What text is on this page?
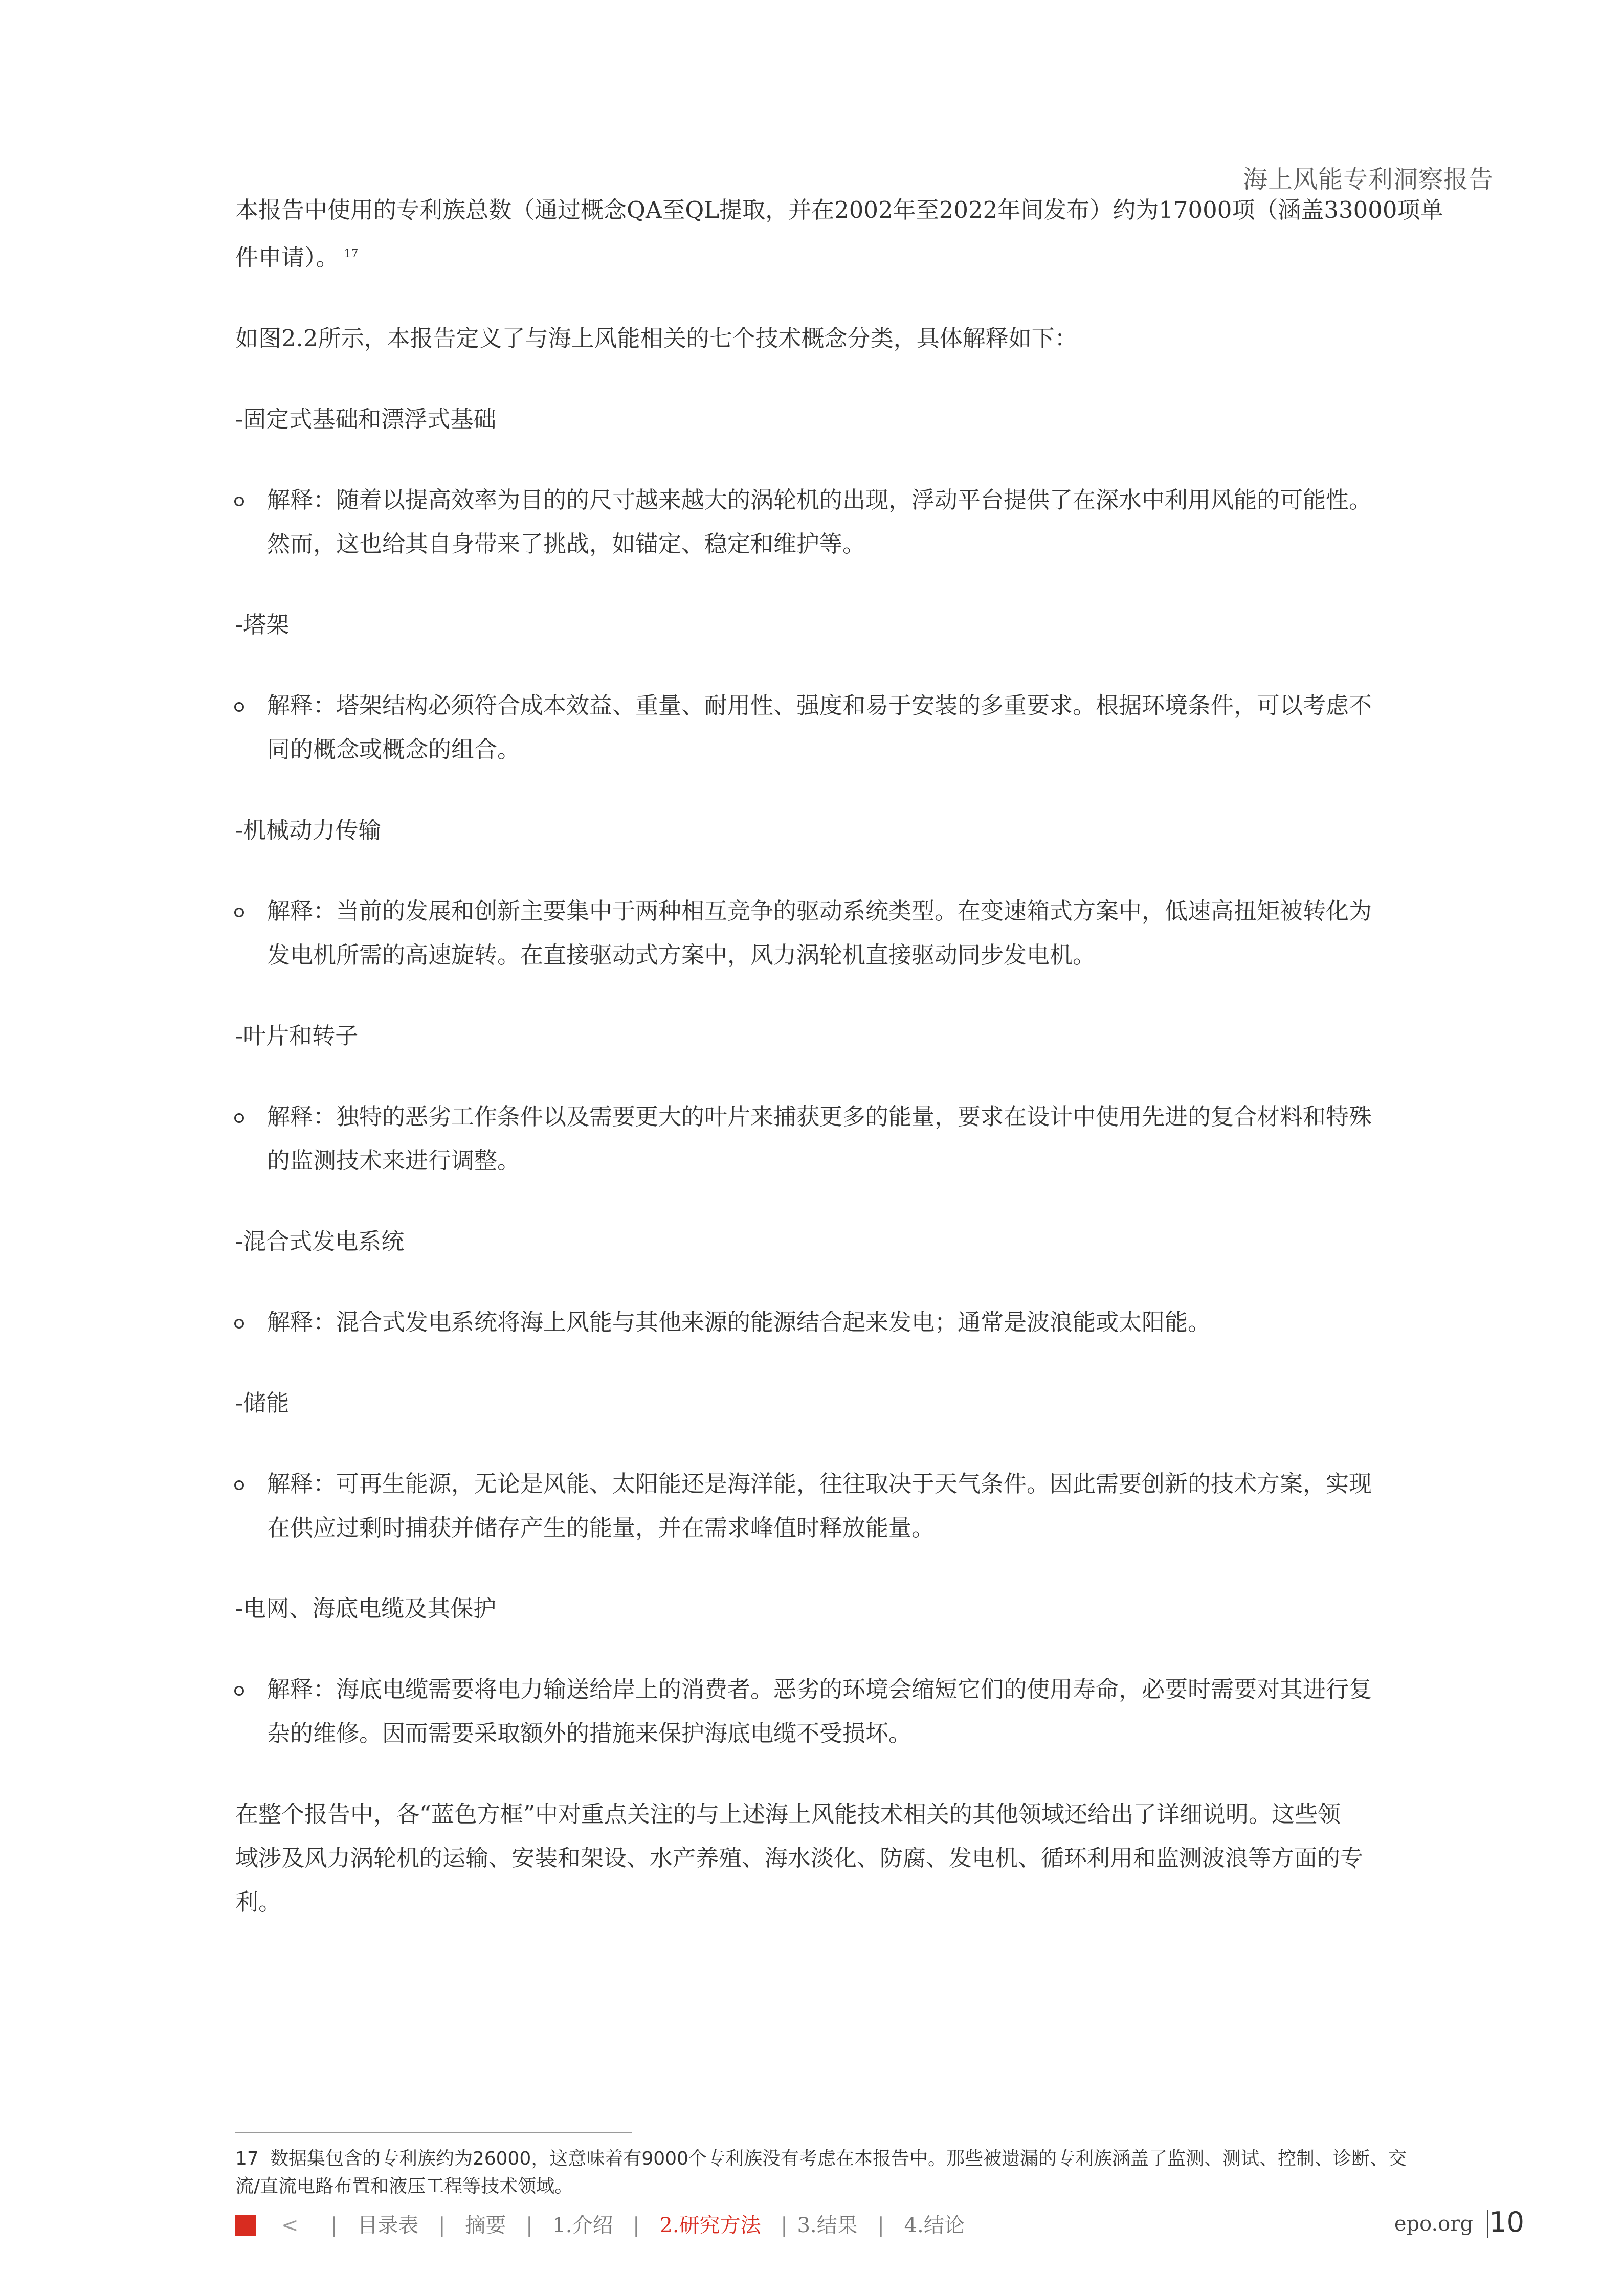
海上风能专利洞察报告

本报告中使用的专利族总数（通过概念QA至QL提取，并在2002年至2022年间发布）约为17000项（涵盖33000项单

件申请）。 $^{17}$

如图2.2所示，本报告定义了与海上风能相关的七个技术概念分类，具体解释如下：

-固定式基础和漂浮式基础

解释：随着以提高效率为目的的尺寸越来越大的涡轮机的出现，浮动平台提供了在深水中利用风能的可能性。

然而，这也给其自身带来了挑战，如锚定、稳定和维护等。

-塔架

解释：塔架结构必须符合成本效益、重量、耐用性、强度和易于安装的多重要求。根据环境条件，可以考虑不

同的概念或概念的组合。

-机械动力传输

解释：当前的发展和创新主要集中于两种相互竞争的驱动系统类型。在变速箱式方案中，低速高扭矩被转化为

发电机所需的高速旋转。在直接驱动式方案中，风力涡轮机直接驱动同步发电机。

-叶片和转子

解释：独特的恶劣工作条件以及需要更大的叶片来捕获更多的能量，要求在设计中使用先进的复合材料和特殊

的监测技术来进行调整。

-混合式发电系统

解释：混合式发电系统将海上风能与其他来源的能源结合起来发电；通常是波浪能或太阳能。

-储能

解释：可再生能源，无论是风能、太阳能还是海洋能，往往取决于天气条件。因此需要创新的技术方案，实现

在供应过剩时捕获并储存产生的能量，并在需求峰值时释放能量。

-电网、海底电缆及其保护

解释：海底电缆需要将电力输送给岸上的消费者。恶劣的环境会缩短它们的使用寿命，必要时需要对其进行复

杂的维修。因而需要采取额外的措施来保护海底电缆不受损坏。

在整个报告中，各“蓝色方框”中对重点关注的与上述海上风能技术相关的其他领域还给出了详细说明。这些领

域涉及风力涡轮机的运输、安装和架设、水产养殖、海水淡化、防腐、发电机、循环利用和监测波浪等方面的专

利。

17 数据集包含的专利族约为26000，这意味着有9000个专利族没有考虑在本报告中。那些被遗漏的专利族涵盖了监测、测试、控制、诊断、交
流/直流电路布置和液压工程等技术领域。
< | 目录表 | 摘要 | 1.介绍 | 2.研究方法 | 3.结果 | 4.结论	epo.org 10
